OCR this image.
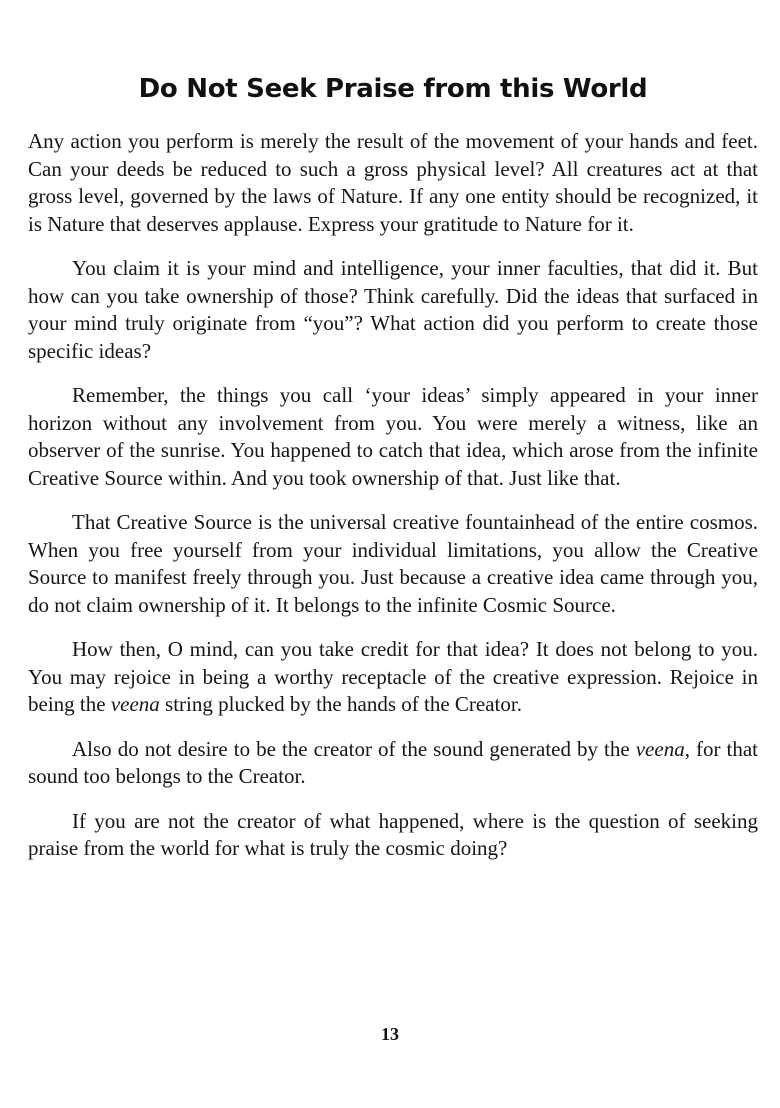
Do Not Seek Praise from this World

Any action you perform is merely the result of the movement of your hands and feet. Can your deeds be reduced to such a gross physical level? All creatures act at that gross level, governed by the laws of Nature. If any one entity should be recognized, it is Nature that deserves applause. Express your gratitude to Nature for it.

You claim it is your mind and intelligence, your inner faculties, that did it. But how can you take ownership of those? Think carefully. Did the ideas that surfaced in your mind truly originate from “you”? What action did you perform to create those specific ideas?

Remember, the things you call ‘your ideas’ simply appeared in your inner horizon without any involvement from you. You were merely a witness, like an observer of the sunrise. You happened to catch that idea, which arose from the infinite Creative Source within. And you took ownership of that. Just like that.

That Creative Source is the universal creative fountainhead of the entire cosmos. When you free yourself from your individual limitations, you allow the Creative Source to manifest freely through you. Just because a creative idea came through you, do not claim ownership of it. It belongs to the infinite Cosmic Source.

How then, O mind, can you take credit for that idea? It does not belong to you. You may rejoice in being a worthy receptacle of the creative expression. Rejoice in being the veena string plucked by the hands of the Creator.

Also do not desire to be the creator of the sound generated by the veena, for that sound too belongs to the Creator.

If you are not the creator of what happened, where is the question of seeking praise from the world for what is truly the cosmic doing?

13
